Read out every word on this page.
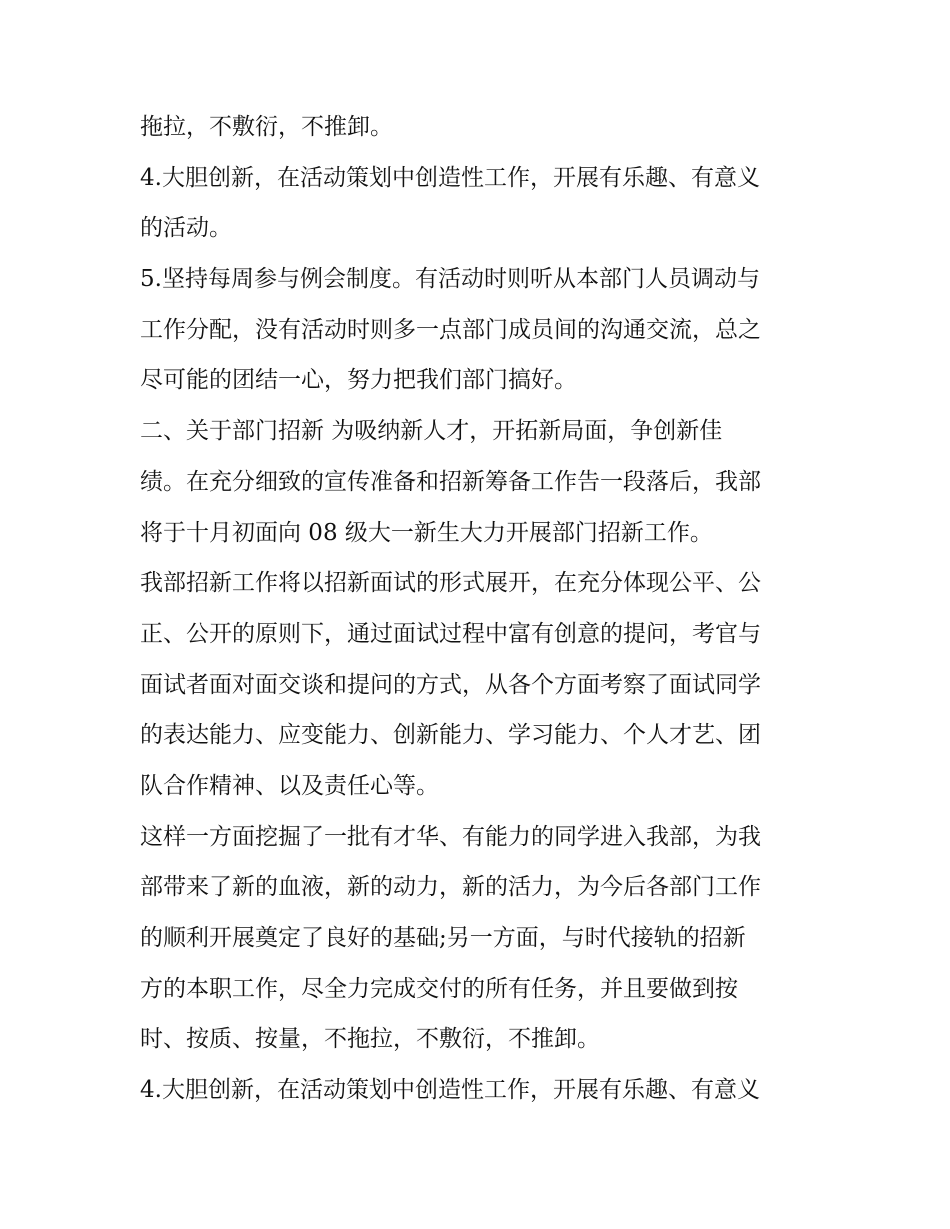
拖拉，不敷衍，不推卸。
4.大胆创新，在活动策划中创造性工作，开展有乐趣、有意义
的活动。
5.坚持每周参与例会制度。有活动时则听从本部门人员调动与
工作分配，没有活动时则多一点部门成员间的沟通交流，总之
尽可能的团结一心，努力把我们部门搞好。
二、关于部门招新 为吸纳新人才，开拓新局面，争创新佳
绩。在充分细致的宣传准备和招新筹备工作告一段落后，我部
将于十月初面向 08 级大一新生大力开展部门招新工作。
我部招新工作将以招新面试的形式展开，在充分体现公平、公
正、公开的原则下，通过面试过程中富有创意的提问，考官与
面试者面对面交谈和提问的方式，从各个方面考察了面试同学
的表达能力、应变能力、创新能力、学习能力、个人才艺、团
队合作精神、以及责任心等。
这样一方面挖掘了一批有才华、有能力的同学进入我部，为我
部带来了新的血液，新的动力，新的活力，为今后各部门工作
的顺利开展奠定了良好的基础;另一方面，与时代接轨的招新
方的本职工作，尽全力完成交付的所有任务，并且要做到按
时、按质、按量，不拖拉，不敷衍，不推卸。
4.大胆创新，在活动策划中创造性工作，开展有乐趣、有意义
